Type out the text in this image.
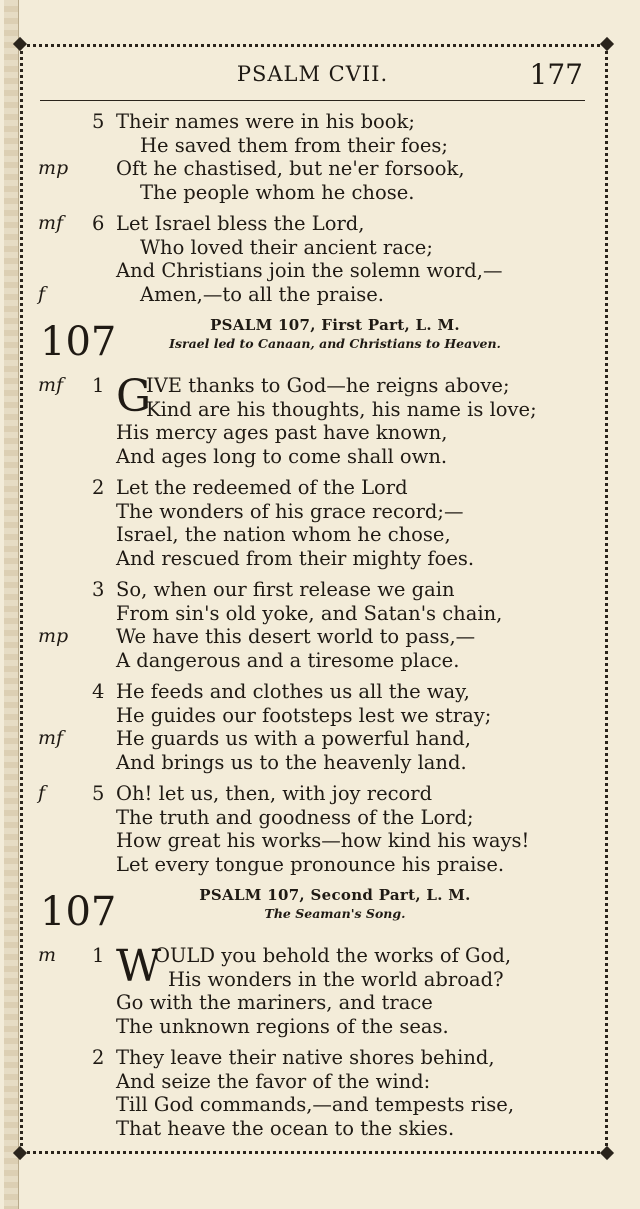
PSALM CVII.	177
5 Their names were in his book;
He saved them from their foes;
mp Oft he chastised, but ne'er forsook,
The people whom he chose.
mf 6 Let Israel bless the Lord,
Who loved their ancient race;
And Christians join the solemn word,—
f	Amen,—to all the praise.
107	PSALM 107, First Part, L. M.
Israel led to Canaan, and Christians to Heaven.
mf 1 G
IVE thanks to God—he reigns above;
Kind are his thoughts, his name is love;
His mercy ages past have known,
And ages long to come shall own.
2 Let the redeemed of the Lord
The wonders of his grace record;—
Israel, the nation whom he chose,
And rescued from their mighty foes.
3 So, when our first release we gain
From sin's old yoke, and Satan's chain,
mp We have this desert world to pass,—
A dangerous and a tiresome place.
4 He feeds and clothes us all the way,
He guides our footsteps lest we stray;
mf	He guards us with a powerful hand,
And brings us to the heavenly land.
f 5 Oh! let us, then, with joy record
The truth and goodness of the Lord;
How great his works—how kind his ways!
Let every tongue pronounce his praise.
107	PSALM 107, Second Part, L. M.
The Seaman's Song.
m 1 W
OULD you behold the works of God,
His wonders in the world abroad?
Go with the mariners, and trace
The unknown regions of the seas.
2 They leave their native shores behind,
And seize the favor of the wind:
Till God commands,—and tempests rise,
That heave the ocean to the skies.
